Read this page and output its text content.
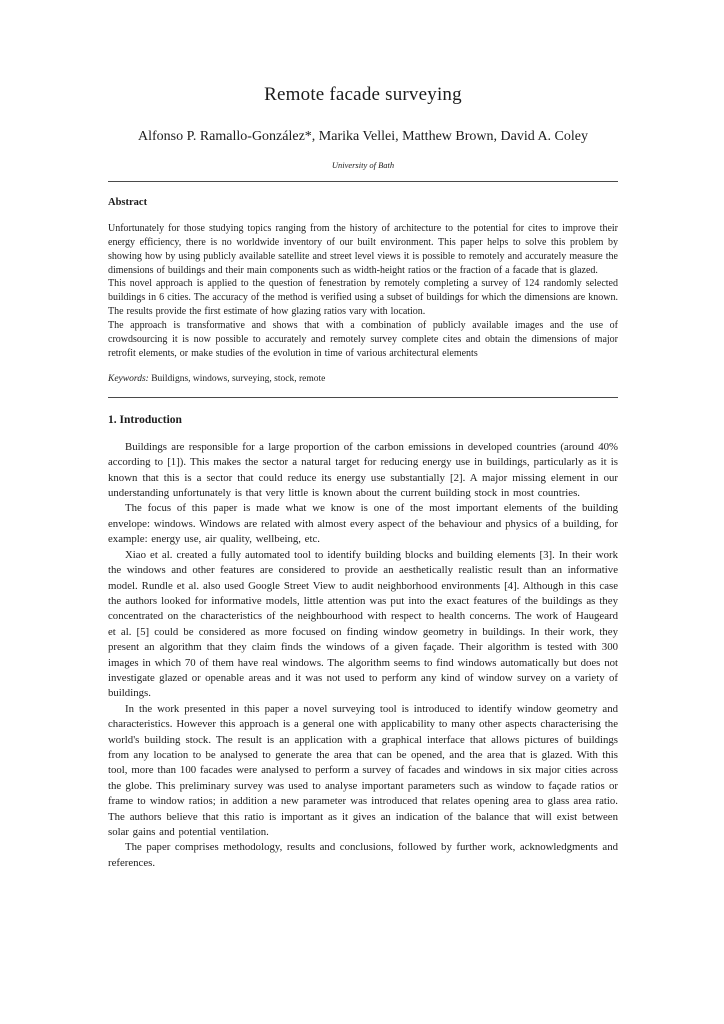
Remote facade surveying
Alfonso P. Ramallo-González*, Marika Vellei, Matthew Brown, David A. Coley
University of Bath
Abstract

Unfortunately for those studying topics ranging from the history of architecture to the potential for cites to improve their energy efficiency, there is no worldwide inventory of our built environment. This paper helps to solve this problem by showing how by using publicly available satellite and street level views it is possible to remotely and accurately measure the dimensions of buildings and their main components such as width-height ratios or the fraction of a facade that is glazed.

This novel approach is applied to the question of fenestration by remotely completing a survey of 124 randomly selected buildings in 6 cities. The accuracy of the method is verified using a subset of buildings for which the dimensions are known. The results provide the first estimate of how glazing ratios vary with location.

The approach is transformative and shows that with a combination of publicly available images and the use of crowdsourcing it is now possible to accurately and remotely survey complete cites and obtain the dimensions of major retrofit elements, or make studies of the evolution in time of various architectural elements

Keywords: Buildigns, windows, surveying, stock, remote
1. Introduction

Buildings are responsible for a large proportion of the carbon emissions in developed countries (around 40% according to [1]). This makes the sector a natural target for reducing energy use in buildings, particularly as it is known that this is a sector that could reduce its energy use substantially [2]. A major missing element in our understanding unfortunately is that very little is known about the current building stock in most countries.

The focus of this paper is made what we know is one of the most important elements of the building envelope: windows. Windows are related with almost every aspect of the behaviour and physics of a building, for example: energy use, air quality, wellbeing, etc.

Xiao et al. created a fully automated tool to identify building blocks and building elements [3]. In their work the windows and other features are considered to provide an aesthetically realistic result than an informative model. Rundle et al. also used Google Street View to audit neighborhood environments [4]. Although in this case the authors looked for informative models, little attention was put into the exact features of the buildings as they concentrated on the characteristics of the neighbourhood with respect to health concerns. The work of Haugeard et al. [5] could be considered as more focused on finding window geometry in buildings. In their work, they present an algorithm that they claim finds the windows of a given façade. Their algorithm is tested with 300 images in which 70 of them have real windows. The algorithm seems to find windows automatically but does not investigate glazed or openable areas and it was not used to perform any kind of window survey on a variety of buildings.

In the work presented in this paper a novel surveying tool is introduced to identify window geometry and characteristics. However this approach is a general one with applicability to many other aspects characterising the world's building stock. The result is an application with a graphical interface that allows pictures of buildings from any location to be analysed to generate the area that can be opened, and the area that is glazed. With this tool, more than 100 facades were analysed to perform a survey of facades and windows in six major cities across the globe. This preliminary survey was used to analyse important parameters such as window to façade ratios or frame to window ratios; in addition a new parameter was introduced that relates opening area to glass area ratio. The authors believe that this ratio is important as it gives an indication of the balance that will exist between solar gains and potential ventilation.

The paper comprises methodology, results and conclusions, followed by further work, acknowledgments and references.
